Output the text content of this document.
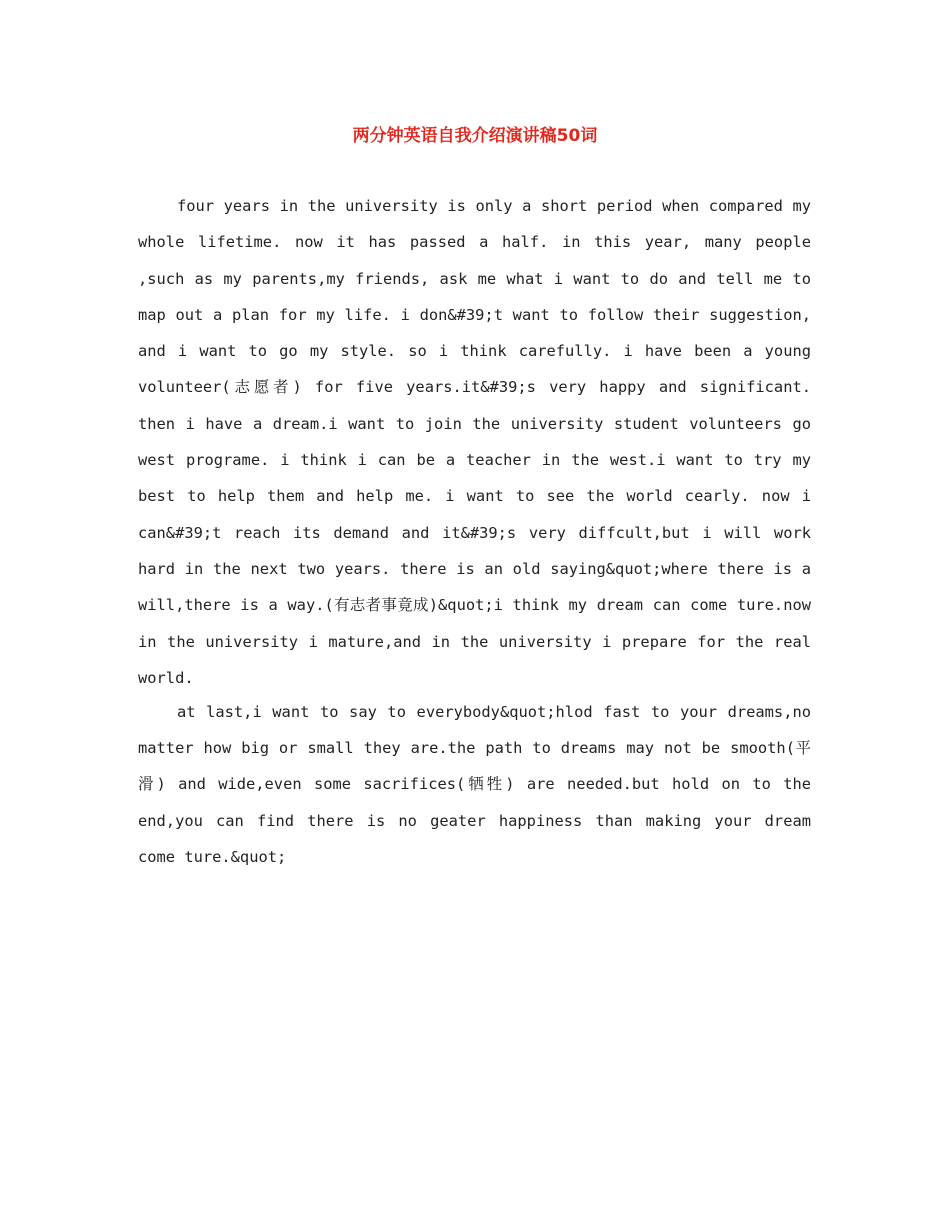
两分钟英语自我介绍演讲稿50词

four years in the university is only a short period when compared my whole lifetime. now it has passed a half. in this year, many people ,such as my parents,my friends, ask me what i want to do and tell me to map out a plan for my life. i don&#39;t want to follow their suggestion, and i want to go my style. so i think carefully. i have been a young volunteer(志愿者) for five years.it&#39;s very happy and significant. then i have a dream.i want to join the university student volunteers go west programe. i think i can be a teacher in the west.i want to try my best to help them and help me. i want to see the world cearly. now i can&#39;t reach its demand and it&#39;s very diffcult,but i will work hard in the next two years. there is an old saying&quot;where there is a will,there is a way.(有志者事竟成)&quot;i think my dream can come ture.now in the university i mature,and in the university i prepare for the real world.

at last,i want to say to everybody&quot;hlod fast to your dreams,no matter how big or small they are.the path to dreams may not be smooth(平滑) and wide,even some sacrifices(牺牲) are needed.but hold on to the end,you can find there is no geater happiness than making your dream come ture.&quot;
